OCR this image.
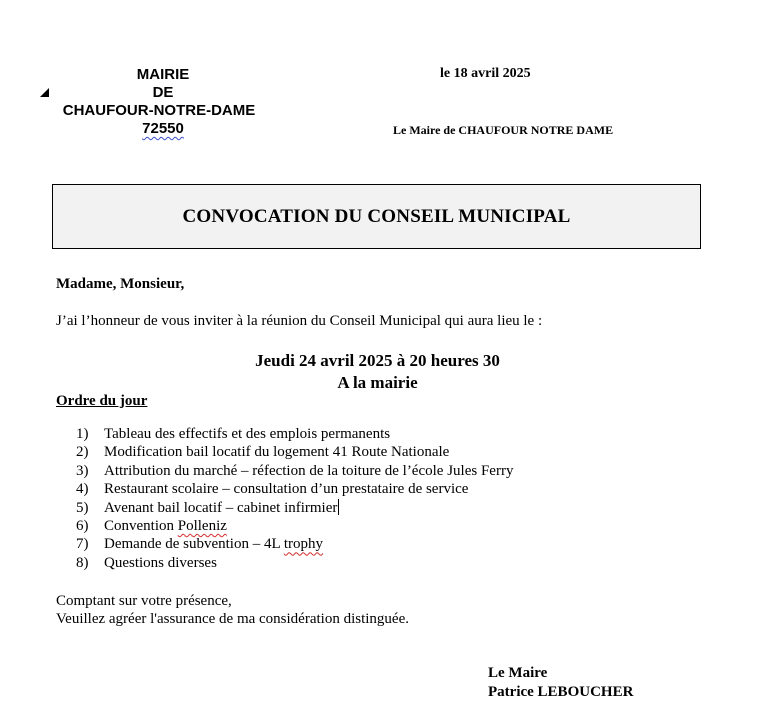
MAIRIE
DE
CHAUFOUR-NOTRE-DAME
72550
le 18 avril 2025
Le Maire de CHAUFOUR NOTRE DAME
CONVOCATION DU CONSEIL MUNICIPAL
Madame, Monsieur,
J’ai l’honneur de vous inviter à la réunion du Conseil Municipal qui aura lieu le :
Jeudi 24 avril 2025 à 20 heures 30
A la mairie
Ordre du jour
1)	Tableau des effectifs et des emplois permanents
2)	Modification bail locatif du logement 41 Route Nationale
3)	Attribution du marché – réfection de la toiture de l’école Jules Ferry
4)	Restaurant scolaire – consultation d’un prestataire de service
5)	Avenant bail locatif – cabinet infirmier
6)	Convention Polleniz
7)	Demande de subvention – 4L trophy
8)	Questions diverses
Comptant sur votre présence,
Veuillez agréer l'assurance de ma considération distinguée.
Le Maire
Patrice LEBOUCHER
